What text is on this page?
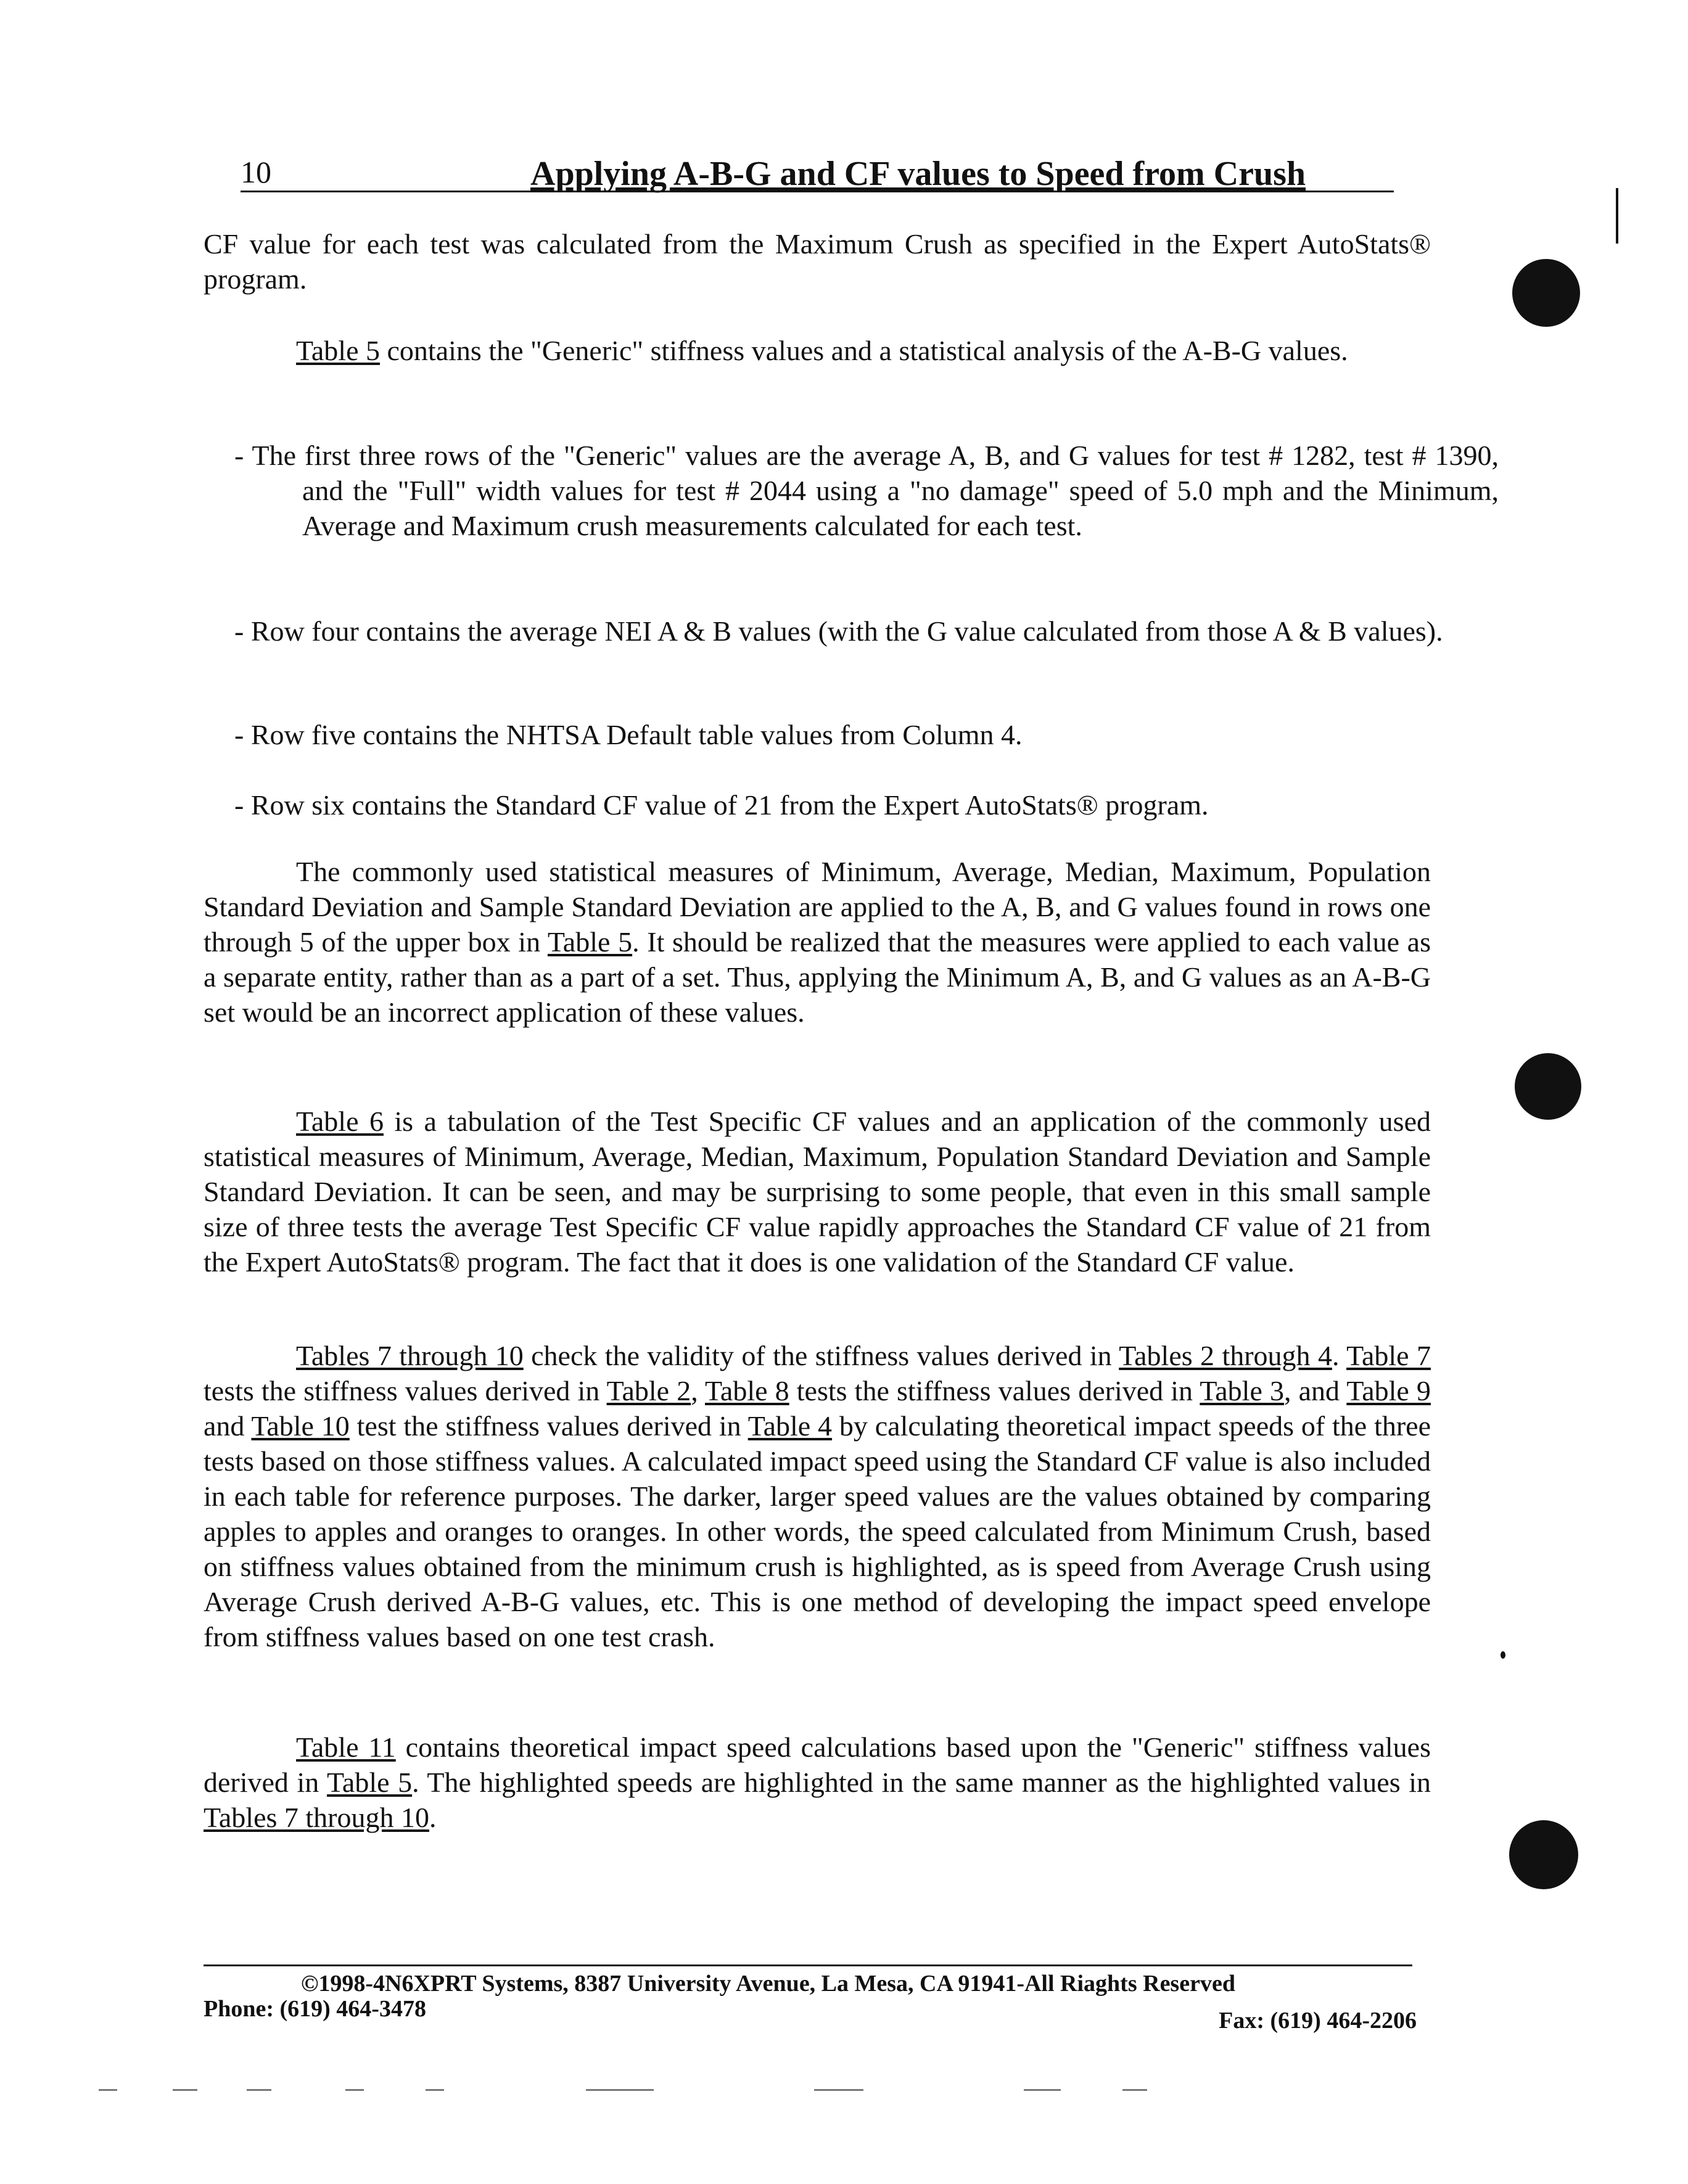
10	Applying A-B-G and CF values to Speed from Crush
CF value for each test was calculated from the Maximum Crush as specified in the Expert AutoStats® program.
Table 5 contains the "Generic" stiffness values and a statistical analysis of the A-B-G values.
- The first three rows of the "Generic" values are the average A, B, and G values for test # 1282, test # 1390, and the "Full" width values for test # 2044 using a "no damage" speed of 5.0 mph and the Minimum, Average and Maximum crush measurements calculated for each test.
- Row four contains the average NEI A & B values (with the G value calculated from those A & B values).
- Row five contains the NHTSA Default table values from Column 4.
- Row six contains the Standard CF value of 21 from the Expert AutoStats® program.
The commonly used statistical measures of Minimum, Average, Median, Maximum, Population Standard Deviation and Sample Standard Deviation are applied to the A, B, and G values found in rows one through 5 of the upper box in Table 5. It should be realized that the measures were applied to each value as a separate entity, rather than as a part of a set. Thus, applying the Minimum A, B, and G values as an A-B-G set would be an incorrect application of these values.
Table 6 is a tabulation of the Test Specific CF values and an application of the commonly used statistical measures of Minimum, Average, Median, Maximum, Population Standard Deviation and Sample Standard Deviation. It can be seen, and may be surprising to some people, that even in this small sample size of three tests the average Test Specific CF value rapidly approaches the Standard CF value of 21 from the Expert AutoStats® program. The fact that it does is one validation of the Standard CF value.
Tables 7 through 10 check the validity of the stiffness values derived in Tables 2 through 4. Table 7 tests the stiffness values derived in Table 2, Table 8 tests the stiffness values derived in Table 3, and Table 9 and Table 10 test the stiffness values derived in Table 4 by calculating theoretical impact speeds of the three tests based on those stiffness values. A calculated impact speed using the Standard CF value is also included in each table for reference purposes. The darker, larger speed values are the values obtained by comparing apples to apples and oranges to oranges. In other words, the speed calculated from Minimum Crush, based on stiffness values obtained from the minimum crush is highlighted, as is speed from Average Crush using Average Crush derived A-B-G values, etc. This is one method of developing the impact speed envelope from stiffness values based on one test crash.
Table 11 contains theoretical impact speed calculations based upon the "Generic" stiffness values derived in Table 5. The highlighted speeds are highlighted in the same manner as the highlighted values in Tables 7 through 10.
©1998-4N6XPRT Systems, 8387 University Avenue, La Mesa, CA 91941-All Riaghts Reserved
Phone: (619) 464-3478	Fax: (619) 464-2206
